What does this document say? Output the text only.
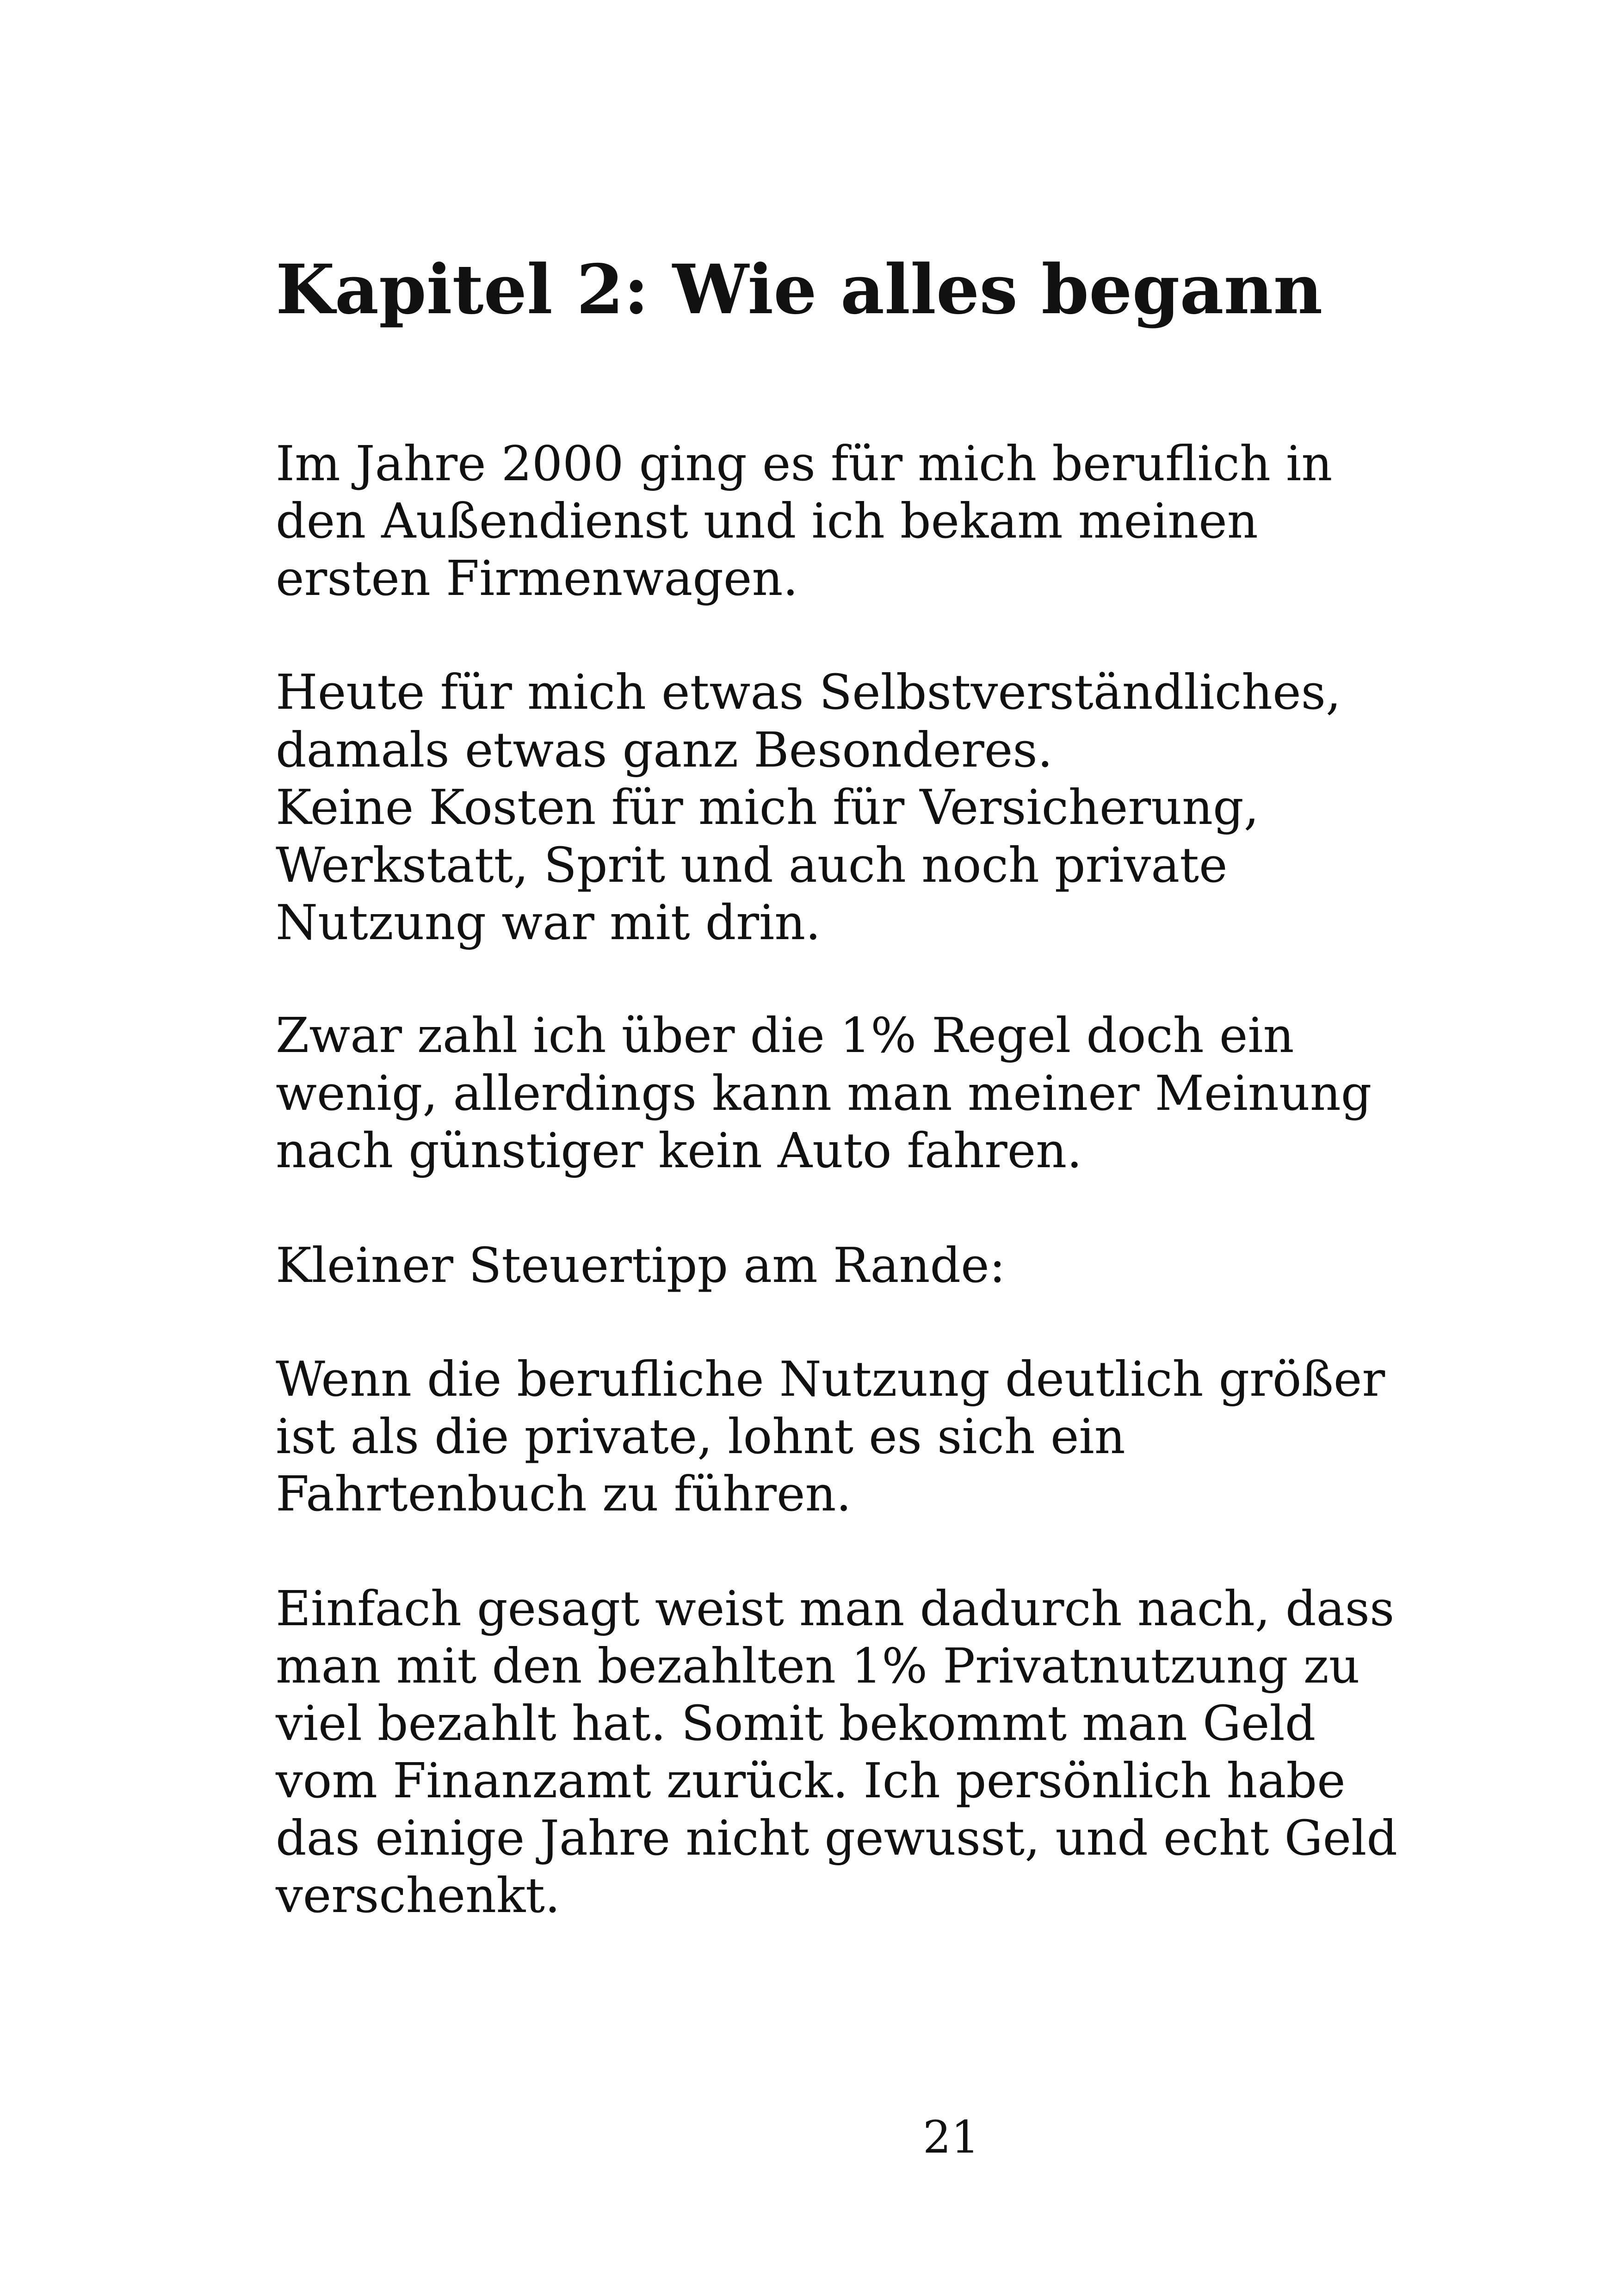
Kapitel 2: Wie alles begann

Im Jahre 2000 ging es für mich beruflich in

den Außendienst und ich bekam meinen

ersten Firmenwagen.

Heute für mich etwas Selbstverständliches,

damals etwas ganz Besonderes.

Keine Kosten für mich für Versicherung,

Werkstatt, Sprit und auch noch private

Nutzung war mit drin.

Zwar zahl ich über die 1% Regel doch ein

wenig, allerdings kann man meiner Meinung

nach günstiger kein Auto fahren.

Kleiner Steuertipp am Rande:

Wenn die berufliche Nutzung deutlich größer

ist als die private, lohnt es sich ein

Fahrtenbuch zu führen.

Einfach gesagt weist man dadurch nach, dass

man mit den bezahlten 1% Privatnutzung zu

viel bezahlt hat. Somit bekommt man Geld

vom Finanzamt zurück. Ich persönlich habe

das einige Jahre nicht gewusst, und echt Geld

verschenkt.

21
